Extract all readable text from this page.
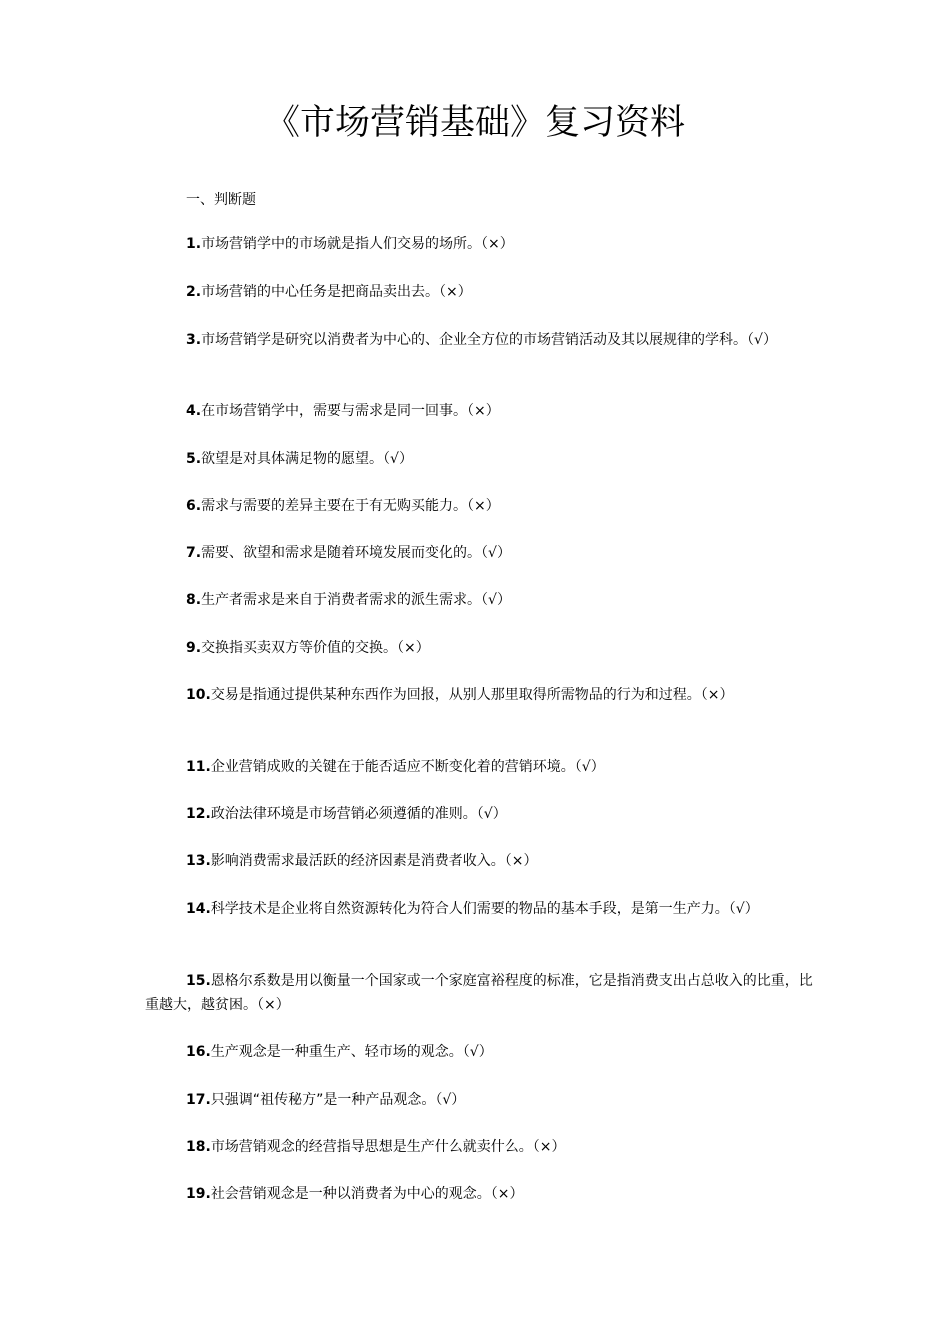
《市场营销基础》复习资料

一、判断题

1.市场营销学中的市场就是指人们交易的场所。（×）

2.市场营销的中心任务是把商品卖出去。（×）

3.市场营销学是研究以消费者为中心的、企业全方位的市场营销活动及其以展规律的学科。（√）

4.在市场营销学中，需要与需求是同一回事。（×）

5.欲望是对具体满足物的愿望。（√）

6.需求与需要的差异主要在于有无购买能力。（×）

7.需要、欲望和需求是随着环境发展而变化的。（√）

8.生产者需求是来自于消费者需求的派生需求。（√）

9.交换指买卖双方等价值的交换。（×）

10.交易是指通过提供某种东西作为回报，从别人那里取得所需物品的行为和过程。（×）

11.企业营销成败的关键在于能否适应不断变化着的营销环境。（√）

12.政治法律环境是市场营销必须遵循的准则。（√）

13.影响消费需求最活跃的经济因素是消费者收入。（×）

14.科学技术是企业将自然资源转化为符合人们需要的物品的基本手段，是第一生产力。（√）

15.恩格尔系数是用以衡量一个国家或一个家庭富裕程度的标准，它是指消费支出占总收入的比重，比重越大，越贫困。（×）

16.生产观念是一种重生产、轻市场的观念。（√）

17.只强调“祖传秘方”是一种产品观念。（√）

18.市场营销观念的经营指导思想是生产什么就卖什么。（×）

19.社会营销观念是一种以消费者为中心的观念。（×）
